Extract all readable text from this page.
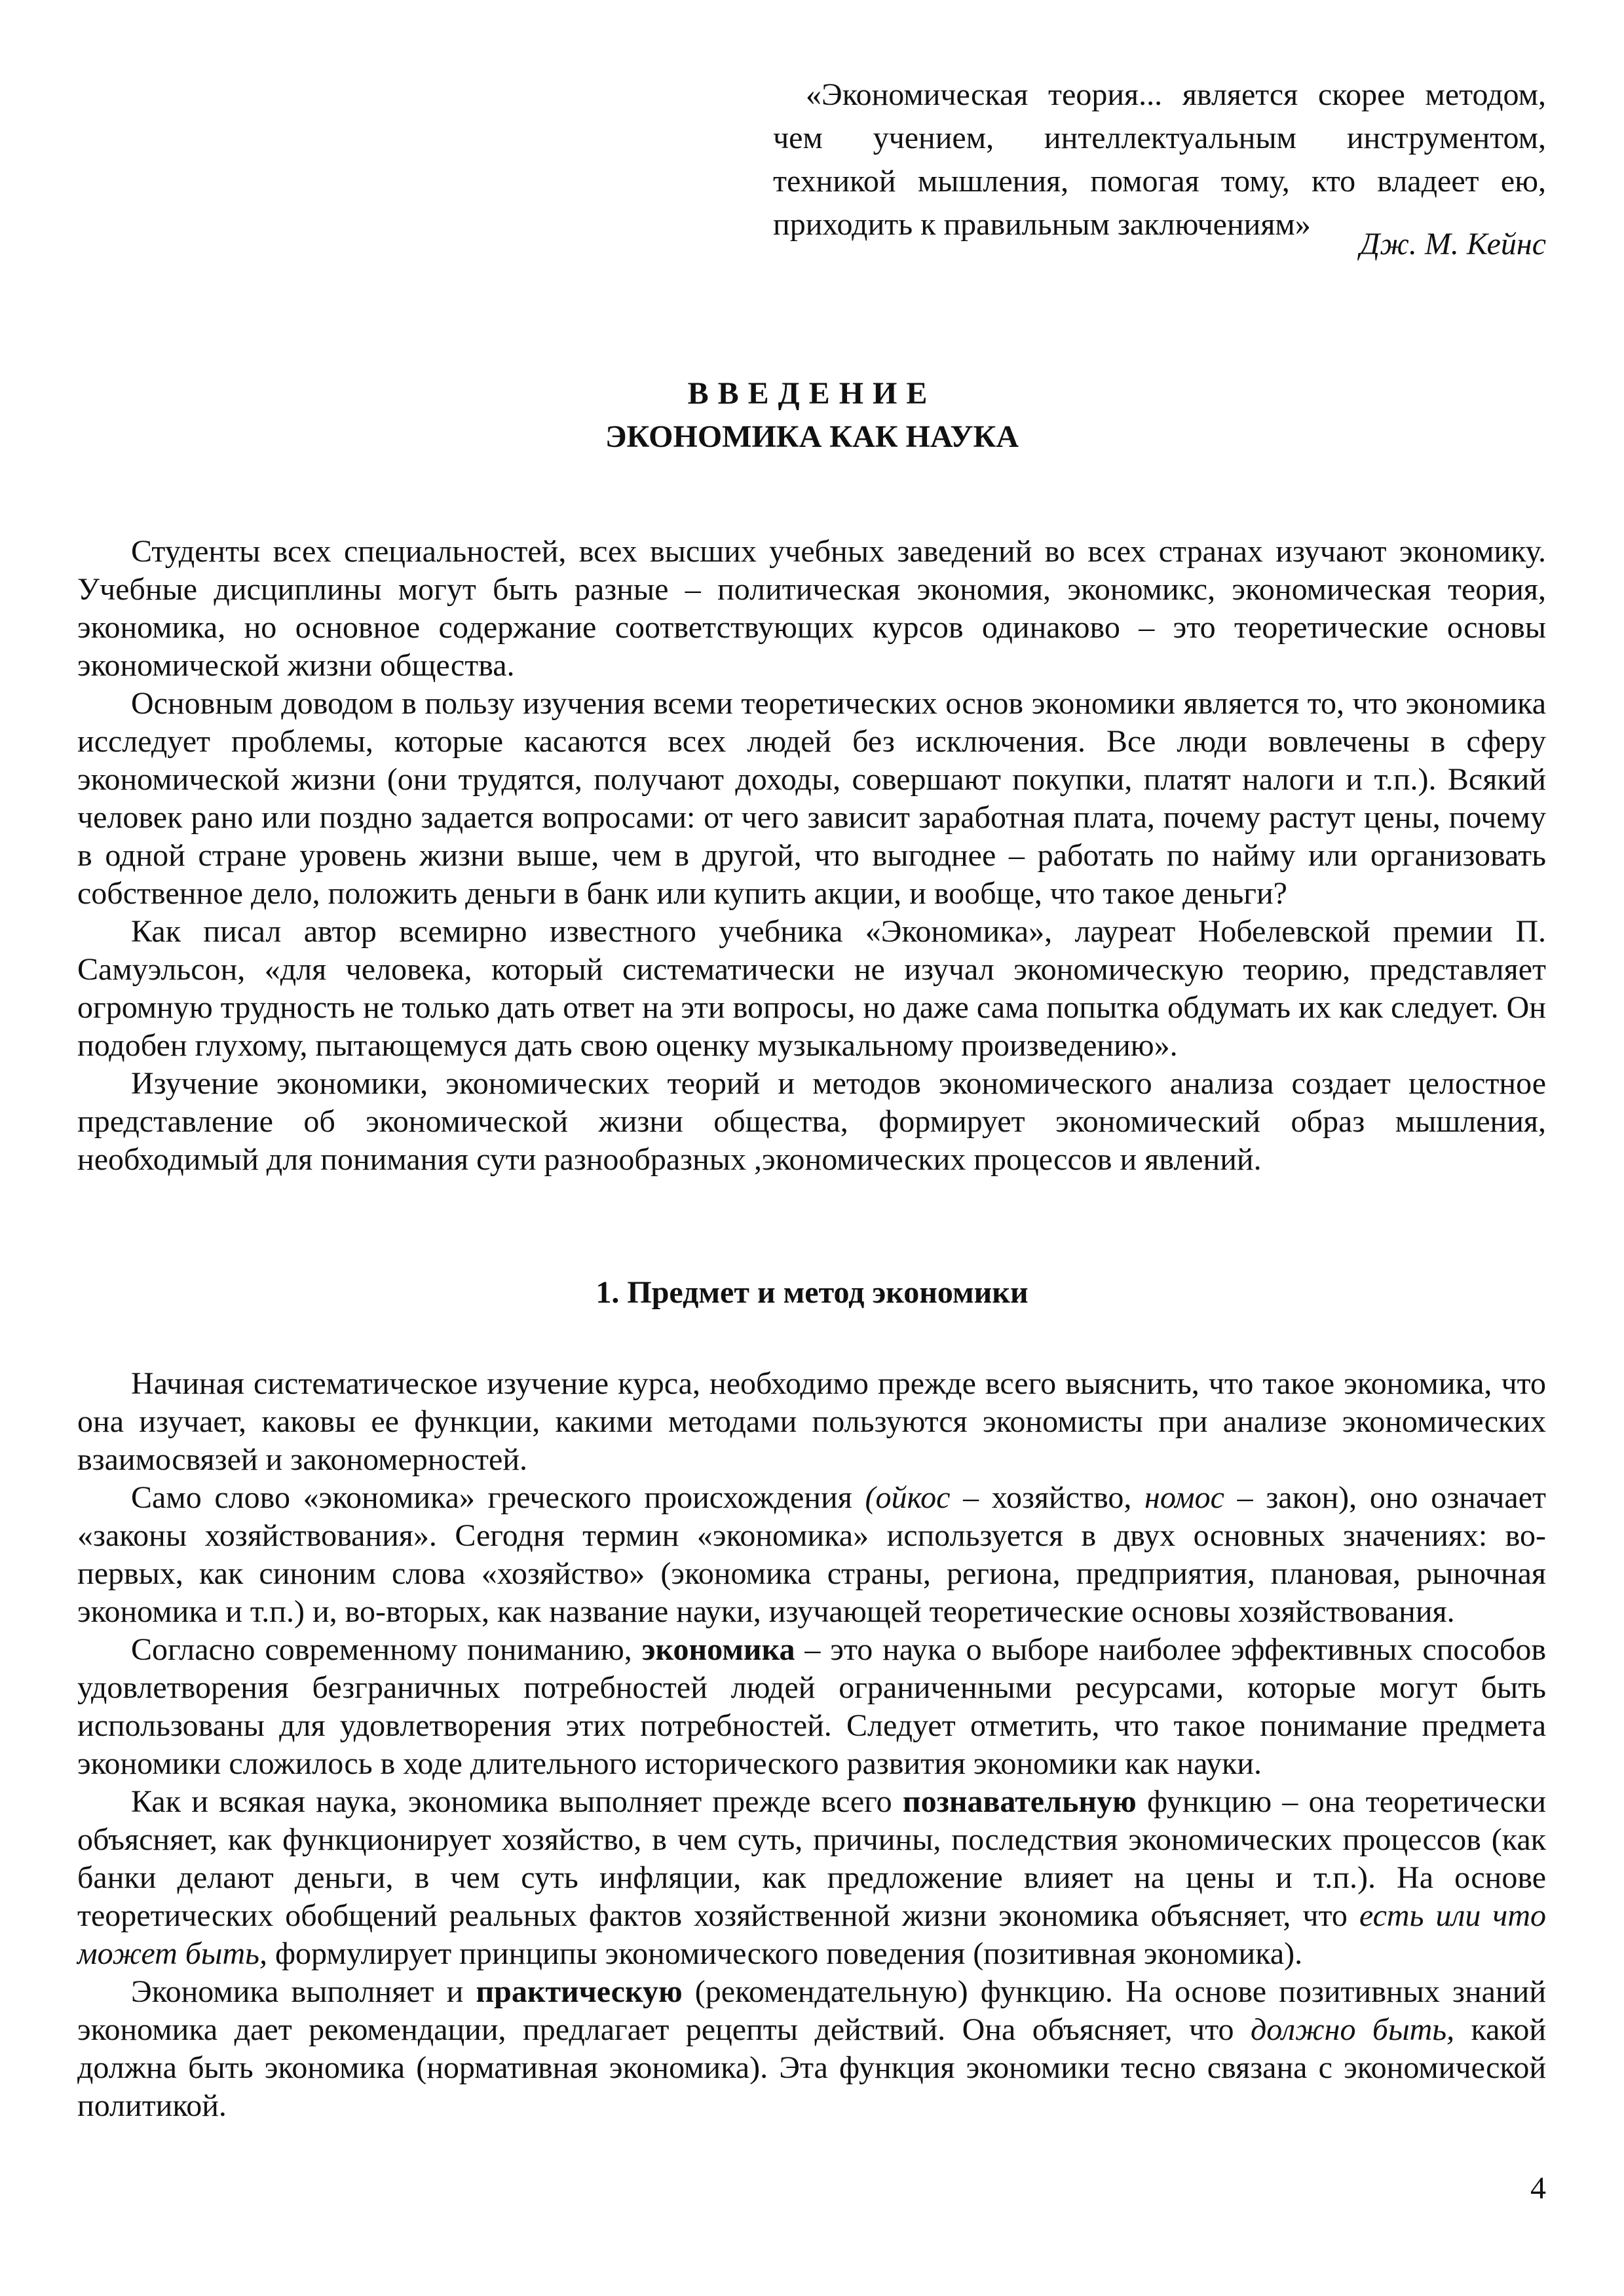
«Экономическая теория... является скорее методом, чем учением, интеллектуальным инструментом, техникой мышления, помогая тому, кто владеет ею, приходить к правильным заключениям»
Дж. М. Кейнс
ВВЕДЕНИЕ
ЭКОНОМИКА КАК НАУКА

Студенты всех специальностей, всех высших учебных заведений во всех странах изучают экономику. Учебные дисциплины могут быть разные – политическая экономия, экономикс, экономическая теория, экономика, но основное содержание соответствующих курсов одинаково – это теоретические основы экономической жизни общества.

Основным доводом в пользу изучения всеми теоретических основ экономики является то, что экономика исследует проблемы, которые касаются всех людей без исключения. Все люди вовлечены в сферу экономической жизни (они трудятся, получают доходы, совершают покупки, платят налоги и т.п.). Всякий человек рано или поздно задается вопросами: от чего зависит заработная плата, почему растут цены, почему в одной стране уровень жизни выше, чем в другой, что выгоднее – работать по найму или организовать собственное дело, положить деньги в банк или купить акции, и вообще, что такое деньги?

Как писал автор всемирно известного учебника «Экономика», лауреат Нобелевской премии П. Самуэльсон, «для человека, который систематически не изучал экономическую теорию, представляет огромную трудность не только дать ответ на эти вопросы, но даже сама попытка обдумать их как следует. Он подобен глухому, пытающемуся дать свою оценку музыкальному произведению».

Изучение экономики, экономических теорий и методов экономического анализа создает целостное представление об экономической жизни общества, формирует экономический образ мышления, необходимый для понимания сути разнообразных ,экономических процессов и явлений.

1. Предмет и метод экономики

Начиная систематическое изучение курса, необходимо прежде всего выяснить, что такое экономика, что она изучает, каковы ее функции, какими методами пользуются экономисты при анализе экономических взаимосвязей и закономерностей.

Само слово «экономика» греческого происхождения (ойкос – хозяйство, номос – закон), оно означает «законы хозяйствования». Сегодня термин «экономика» используется в двух основных значениях: во-первых, как синоним слова «хозяйство» (экономика страны, региона, предприятия, плановая, рыночная экономика и т.п.) и, во-вторых, как название науки, изучающей теоретические основы хозяйствования.

Согласно современному пониманию, экономика – это наука о выборе наиболее эффективных способов удовлетворения безграничных потребностей людей ограниченными ресурсами, которые могут быть использованы для удовлетворения этих потребностей. Следует отметить, что такое понимание предмета экономики сложилось в ходе длительного исторического развития экономики как науки.

Как и всякая наука, экономика выполняет прежде всего познавательную функцию – она теоретически объясняет, как функционирует хозяйство, в чем суть, причины, последствия экономических процессов (как банки делают деньги, в чем суть инфляции, как предложение влияет на цены и т.п.). На основе теоретических обобщений реальных фактов хозяйственной жизни экономика объясняет, что есть или что может быть, формулирует принципы экономического поведения (позитивная экономика).

Экономика выполняет и практическую (рекомендательную) функцию. На основе позитивных знаний экономика дает рекомендации, предлагает рецепты действий. Она объясняет, что должно быть, какой должна быть экономика (нормативная экономика). Эта функция экономики тесно связана с экономической политикой.

4
